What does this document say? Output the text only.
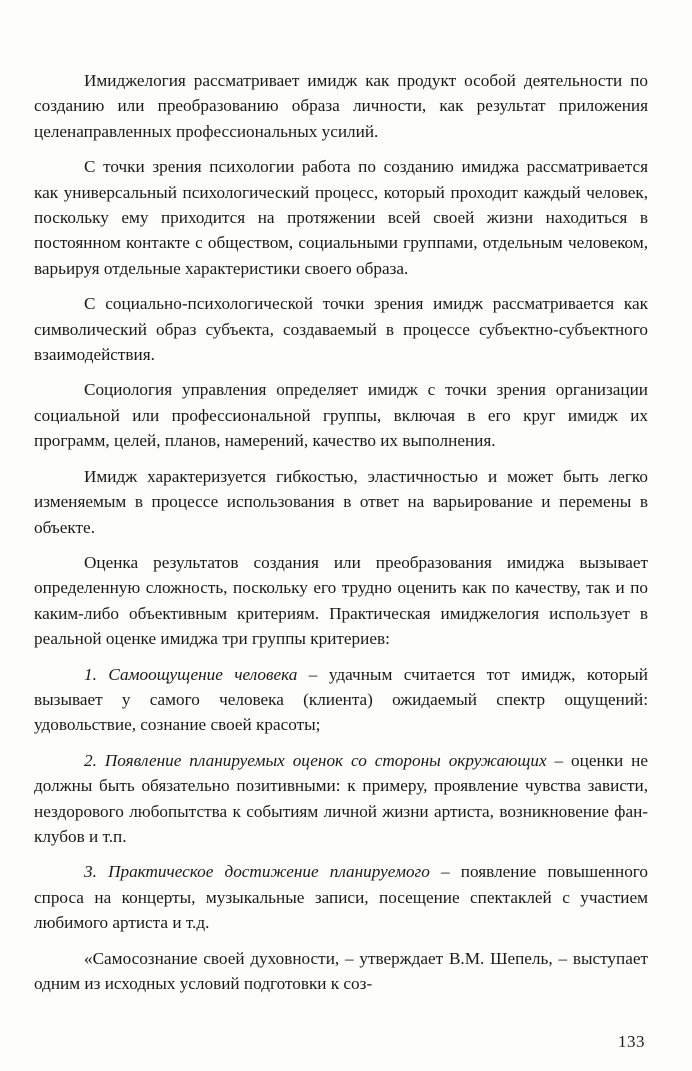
Имиджелогия рассматривает имидж как продукт особой деятельности по созданию или преобразованию образа личности, как результат приложения целенаправленных профессиональных усилий.

С точки зрения психологии работа по созданию имиджа рассматривается как универсальный психологический процесс, который проходит каждый человек, поскольку ему приходится на протяжении всей своей жизни находиться в постоянном контакте с обществом, социальными группами, отдельным человеком, варьируя отдельные характеристики своего образа.

С социально-психологической точки зрения имидж рассматривается как символический образ субъекта, создаваемый в процессе субъектно-субъектного взаимодействия.

Социология управления определяет имидж с точки зрения организации социальной или профессиональной группы, включая в его круг имидж их программ, целей, планов, намерений, качество их выполнения.

Имидж характеризуется гибкостью, эластичностью и может быть легко изменяемым в процессе использования в ответ на варьирование и перемены в объекте.

Оценка результатов создания или преобразования имиджа вызывает определенную сложность, поскольку его трудно оценить как по качеству, так и по каким-либо объективным критериям. Практическая имиджелогия использует в реальной оценке имиджа три группы критериев:

1. Самоощущение человека – удачным считается тот имидж, который вызывает у самого человека (клиента) ожидаемый спектр ощущений: удовольствие, сознание своей красоты;

2. Появление планируемых оценок со стороны окружающих – оценки не должны быть обязательно позитивными: к примеру, проявление чувства зависти, нездорового любопытства к событиям личной жизни артиста, возникновение фан-клубов и т.п.

3. Практическое достижение планируемого – появление повышенного спроса на концерты, музыкальные записи, посещение спектаклей с участием любимого артиста и т.д.

«Самосознание своей духовности, – утверждает В.М. Шепель, – выступает одним из исходных условий подготовки к соз-

133
